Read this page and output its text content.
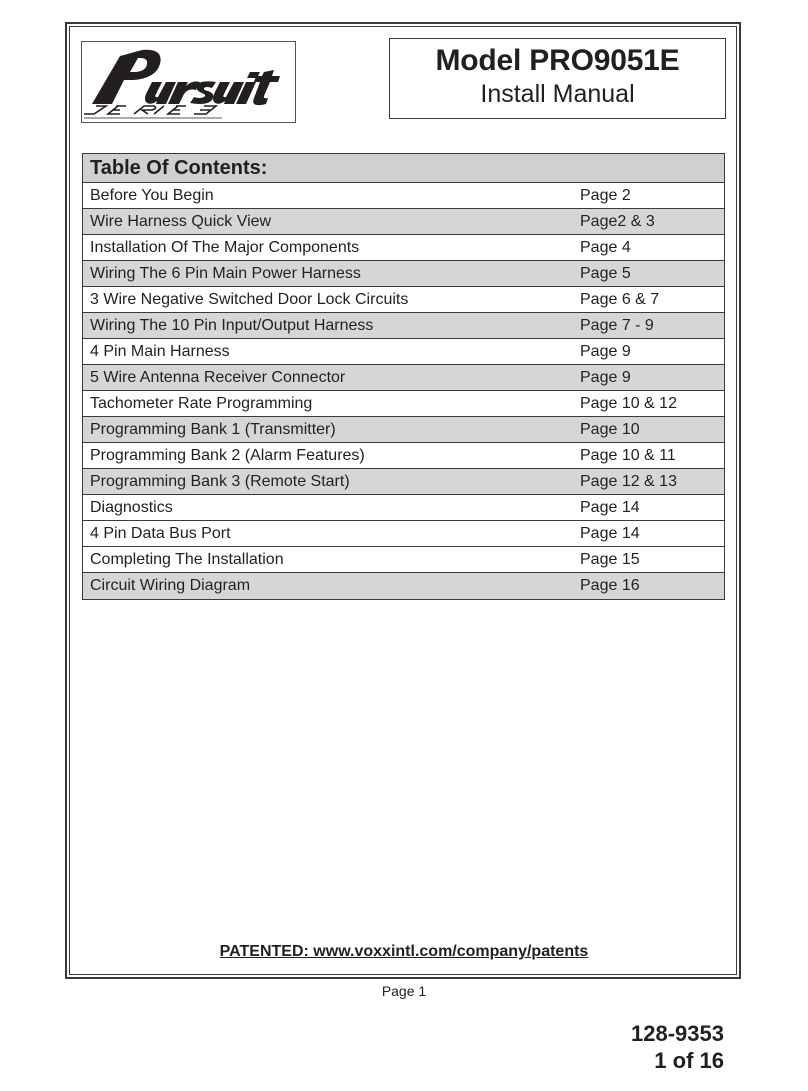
Model PRO9051E
Install Manual
Table Of Contents:
Before You Begin	Page 2
Wire Harness Quick View	Page2 & 3
Installation Of The Major Components	Page 4
Wiring The 6 Pin Main Power Harness	Page 5
3 Wire Negative Switched Door Lock Circuits	Page 6 & 7
Wiring The 10 Pin Input/Output Harness	Page 7 - 9
4 Pin Main Harness	Page 9
5 Wire Antenna Receiver Connector	Page 9
Tachometer Rate Programming	Page 10 & 12
Programming Bank 1 (Transmitter)	Page 10
Programming Bank 2 (Alarm Features)	Page 10 & 11
Programming Bank 3 (Remote Start)	Page 12 & 13
Diagnostics	Page 14
4 Pin Data Bus Port	Page 14
Completing The Installation	Page 15
Circuit Wiring Diagram	Page 16
PATENTED: www.voxxintl.com/company/patents
Page 1
128-9353
1 of 16
